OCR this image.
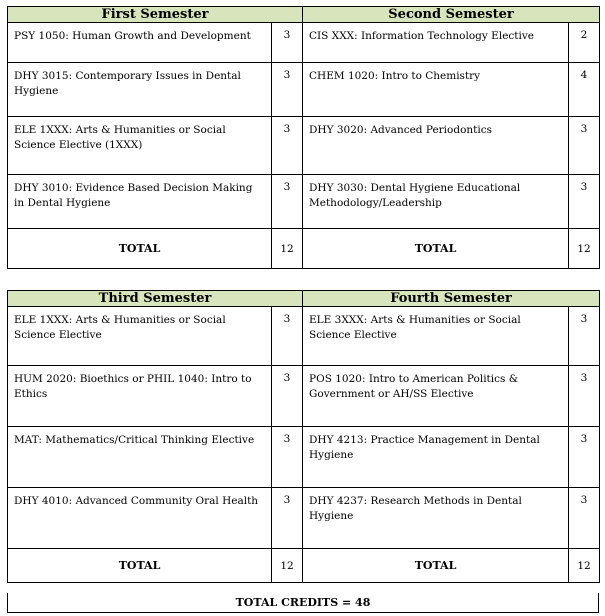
First Semester		Second Semester	
PSY 1050: Human Growth and Development	3	CIS XXX: Information Technology Elective	2
DHY 3015: Contemporary Issues in Dental Hygiene	3	CHEM 1020: Intro to Chemistry	4
ELE 1XXX: Arts & Humanities or Social Science Elective (1XXX)	3	DHY 3020: Advanced Periodontics	3
DHY 3010: Evidence Based Decision Making in Dental Hygiene	3	DHY 3030: Dental Hygiene Educational Methodology/Leadership	3
TOTAL	12	TOTAL	12
Third Semester		Fourth Semester	
ELE 1XXX: Arts & Humanities or Social Science Elective	3	ELE 3XXX: Arts & Humanities or Social Science Elective	3
HUM 2020: Bioethics or PHIL 1040: Intro to Ethics	3	POS 1020: Intro to American Politics & Government or AH/SS Elective	3
MAT: Mathematics/Critical Thinking Elective	3	DHY 4213: Practice Management in Dental Hygiene	3
DHY 4010: Advanced Community Oral Health	3	DHY 4237: Research Methods in Dental Hygiene	3
TOTAL	12	TOTAL	12
TOTAL CREDITS = 48
